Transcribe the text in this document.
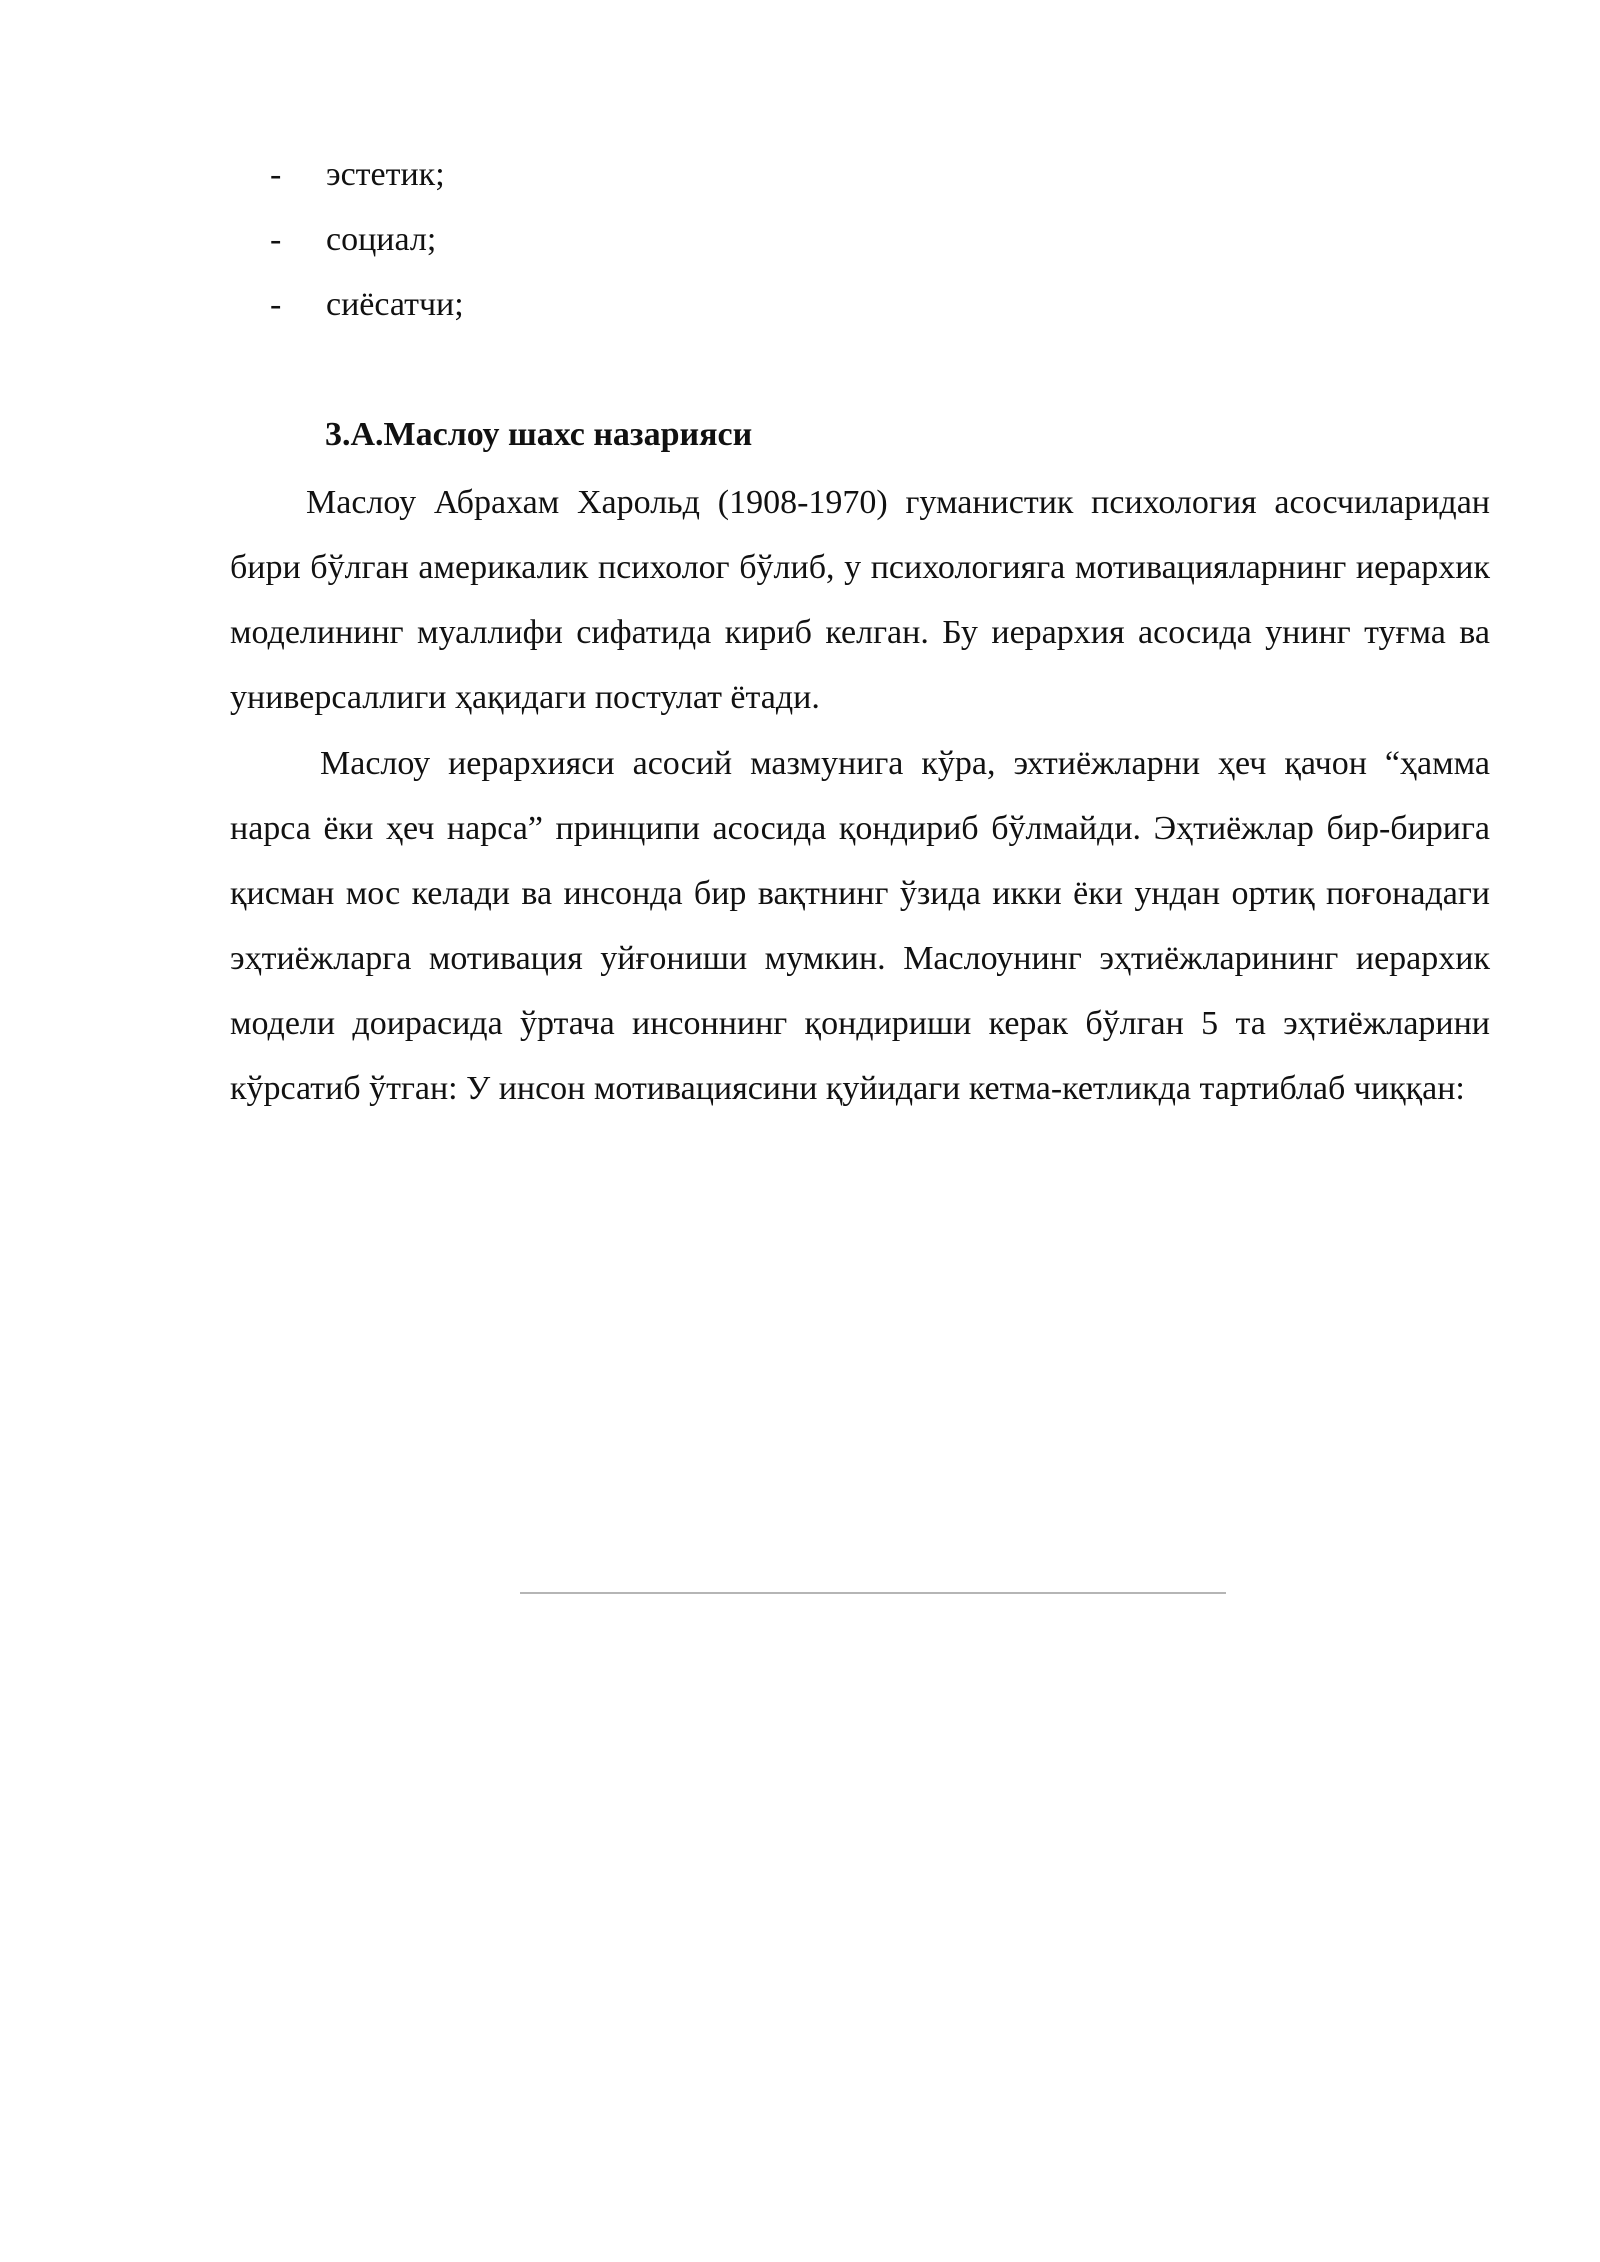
-	эстетик;
-	социал;
-	сиёсатчи;
3.А.Маслоу шахс назарияси

Маслоу Абрахам Харольд (1908-1970) гуманистик психология асосчиларидан бири бўлган америкалик психолог бўлиб, у психологияга мотивацияларнинг иерархик моделининг муаллифи сифатида кириб келган. Бу иерархия асосида унинг туғма ва универсаллиги ҳақидаги постулат ётади.

Маслоу иерархияси асосий мазмунига кўра, эхтиёжларни ҳеч қачон “ҳамма нарса ёки ҳеч нарса” принципи асосида қондириб бўлмайди. Эҳтиёжлар бир-бирига қисман мос келади ва инсонда бир вақтнинг ўзида икки ёки ундан ортиқ поғонадаги эҳтиёжларга мотивация уйғониши мумкин. Маслоунинг эҳтиёжларининг иерархик модели доирасида ўртача инсоннинг қондириши керак бўлган 5 та эҳтиёжларини кўрсатиб ўтган: У инсон мотивациясини қуйидаги кетма-кетликда тартиблаб чиққан:
